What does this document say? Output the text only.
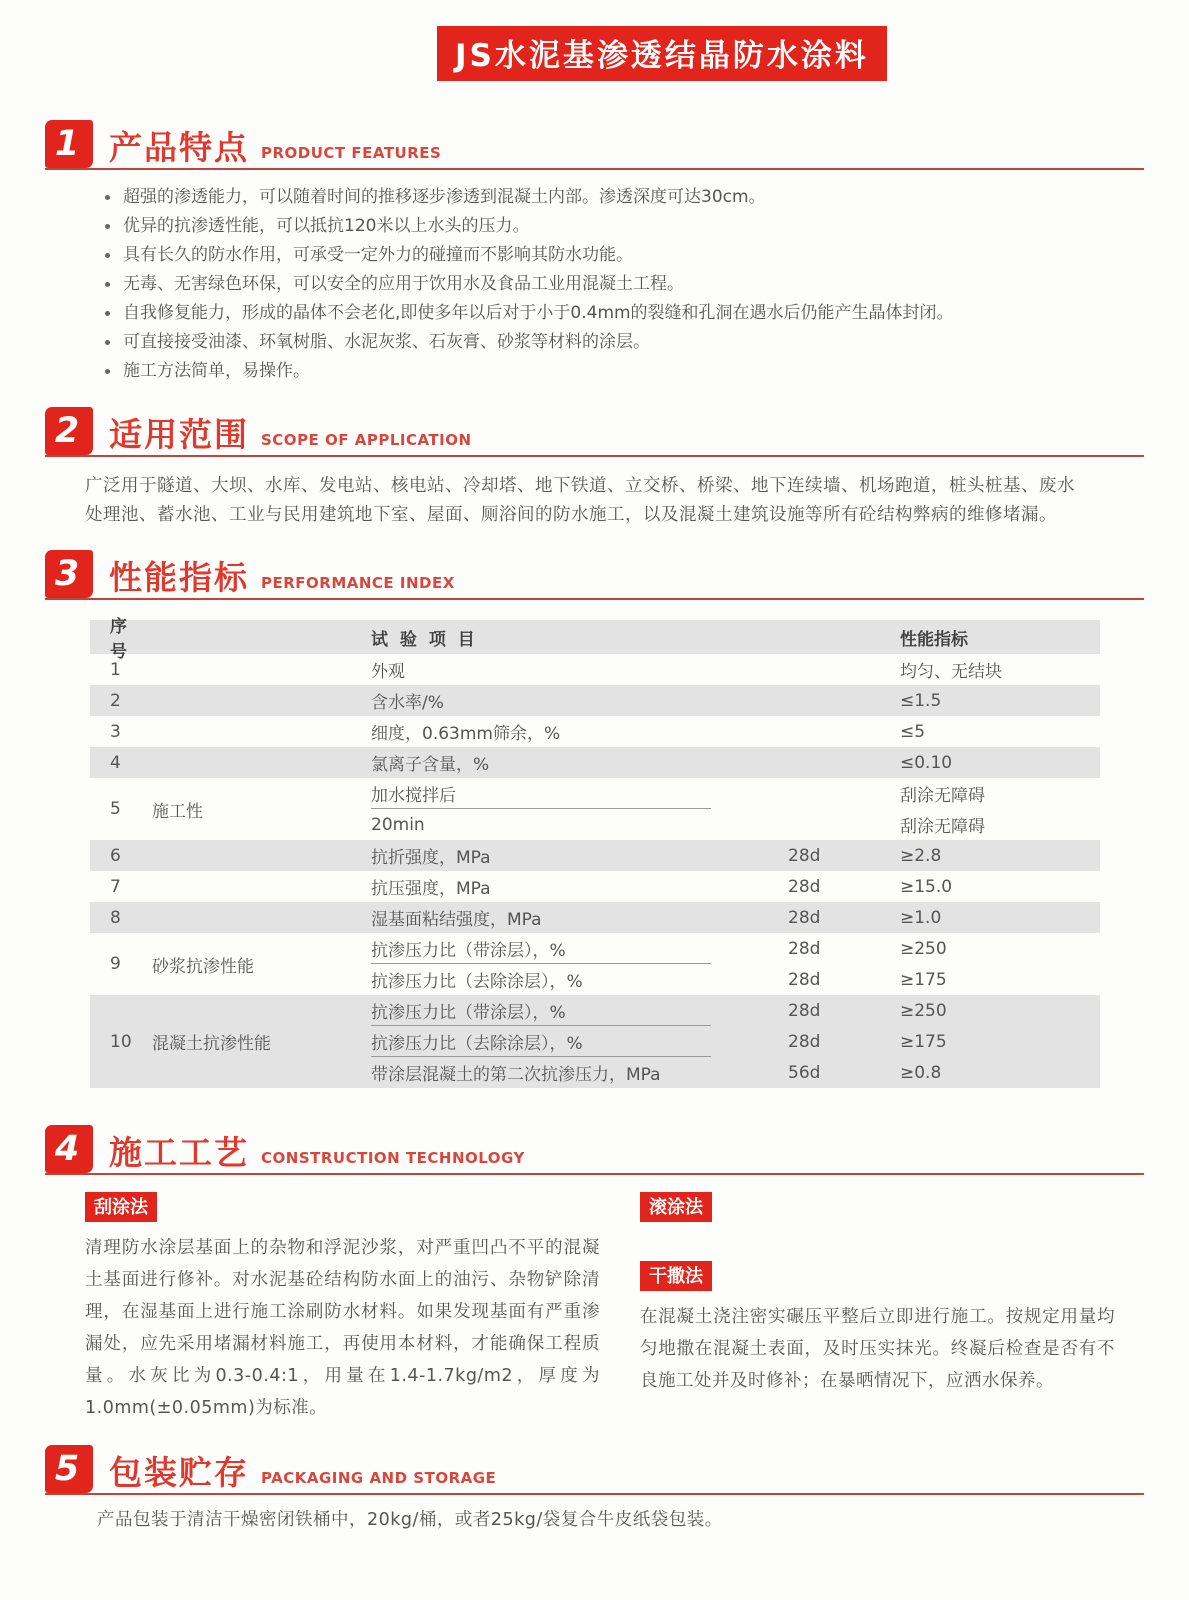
JS水泥基渗透结晶防水涂料
1 产品特点 PRODUCT FEATURES
超强的渗透能力，可以随着时间的推移逐步渗透到混凝土内部。渗透深度可达30cm。
优异的抗渗透性能，可以抵抗120米以上水头的压力。
具有长久的防水作用，可承受一定外力的碰撞而不影响其防水功能。
无毒、无害绿色环保，可以安全的应用于饮用水及食品工业用混凝土工程。
自我修复能力，形成的晶体不会老化,即使多年以后对于小于0.4mm的裂缝和孔洞在遇水后仍能产生晶体封闭。
可直接接受油漆、环氧树脂、水泥灰浆、石灰膏、砂浆等材料的涂层。
施工方法简单，易操作。
2 适用范围 SCOPE OF APPLICATION

广泛用于隧道、大坝、水库、发电站、核电站、冷却塔、地下铁道、立交桥、桥梁、地下连续墙、机场跑道，桩头桩基、废水处理池、蓄水池、工业与民用建筑地下室、屋面、厕浴间的防水施工，以及混凝土建筑设施等所有砼结构弊病的维修堵漏。

3 性能指标 PERFORMANCE INDEX
序号
试 验 项 目	性能指标
1	外观	均匀、无结块
2	含水率/%	≤1.5
3	细度，0.63mm筛余，%	≤5
4	氯离子含量，%	≤0.10
5	施工性
加水搅拌后	刮涂无障碍
20min	刮涂无障碍
6	抗折强度，MPa	28d	≥2.8
7	抗压强度，MPa	28d	≥15.0
8	湿基面粘结强度，MPa	28d	≥1.0
9	砂浆抗渗性能
抗渗压力比（带涂层），%	28d	≥250
抗渗压力比（去除涂层），%	28d	≥175
10	混凝土抗渗性能
抗渗压力比（带涂层），%	28d	≥250
抗渗压力比（去除涂层），%	28d	≥175
带涂层混凝土的第二次抗渗压力，MPa	56d	≥0.8
4 施工工艺 CONSTRUCTION TECHNOLOGY
刮涂法

清理防水涂层基面上的杂物和浮泥沙浆，对严重凹凸不平的混凝土基面进行修补。对水泥基砼结构防水面上的油污、杂物铲除清理，在湿基面上进行施工涂刷防水材料。如果发现基面有严重渗漏处，应先采用堵漏材料施工，再使用本材料，才能确保工程质量。水灰比为0.3-0.4:1，用量在1.4-1.7kg/m2，厚度为1.0mm(±0.05mm)为标准。

滚涂法
干撒法

在混凝土浇注密实碾压平整后立即进行施工。按规定用量均匀地撒在混凝土表面，及时压实抹光。终凝后检查是否有不良施工处并及时修补；在暴晒情况下，应洒水保养。

5 包装贮存 PACKAGING AND STORAGE

产品包装于清洁干燥密闭铁桶中，20kg/桶，或者25kg/袋复合牛皮纸袋包装。
